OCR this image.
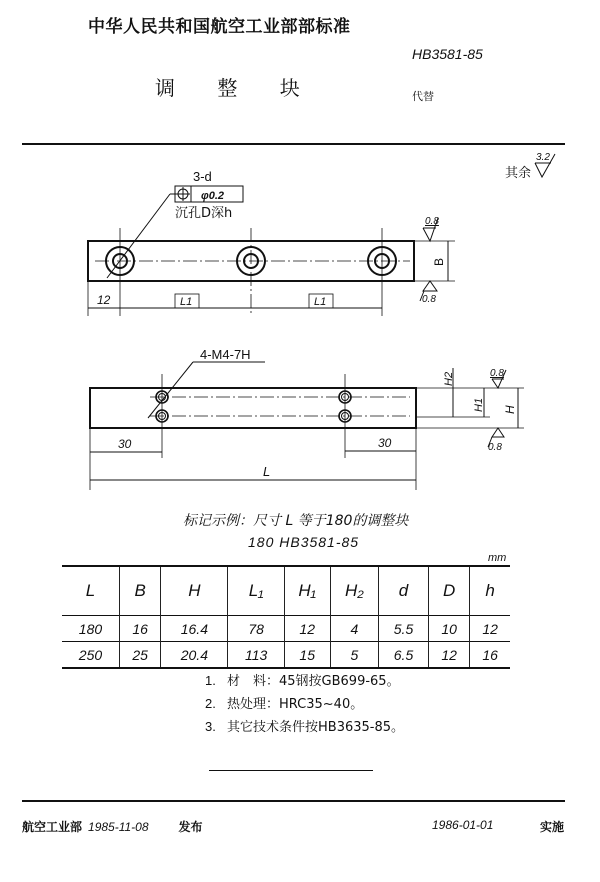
中华人民共和国航空工业部部标准
HB3581-85
调 整 块	代替
其余
3.2
3-d
φ0.2
沉孔D深h
12	L1	L1
B
0.8
0.8
4-M4-7H
30	30
L
H2
H1 H
0.8
0.8
标记示例：尺寸 L 等于180的调整块
180 HB3581-85
mm
L	B	H	L₁	H₁	H₂	d	D	h
180	16	16.4	78	12	4	5.5	10	12
250	25	20.4	113	15	5	6.5	12	16
1. 材　料：45钢按GB699-65。
2. 热处理：HRC35~40。
3. 其它技术条件按HB3635-85。
航空工业部 1985-11-08	发布	1986-01-01	实施
